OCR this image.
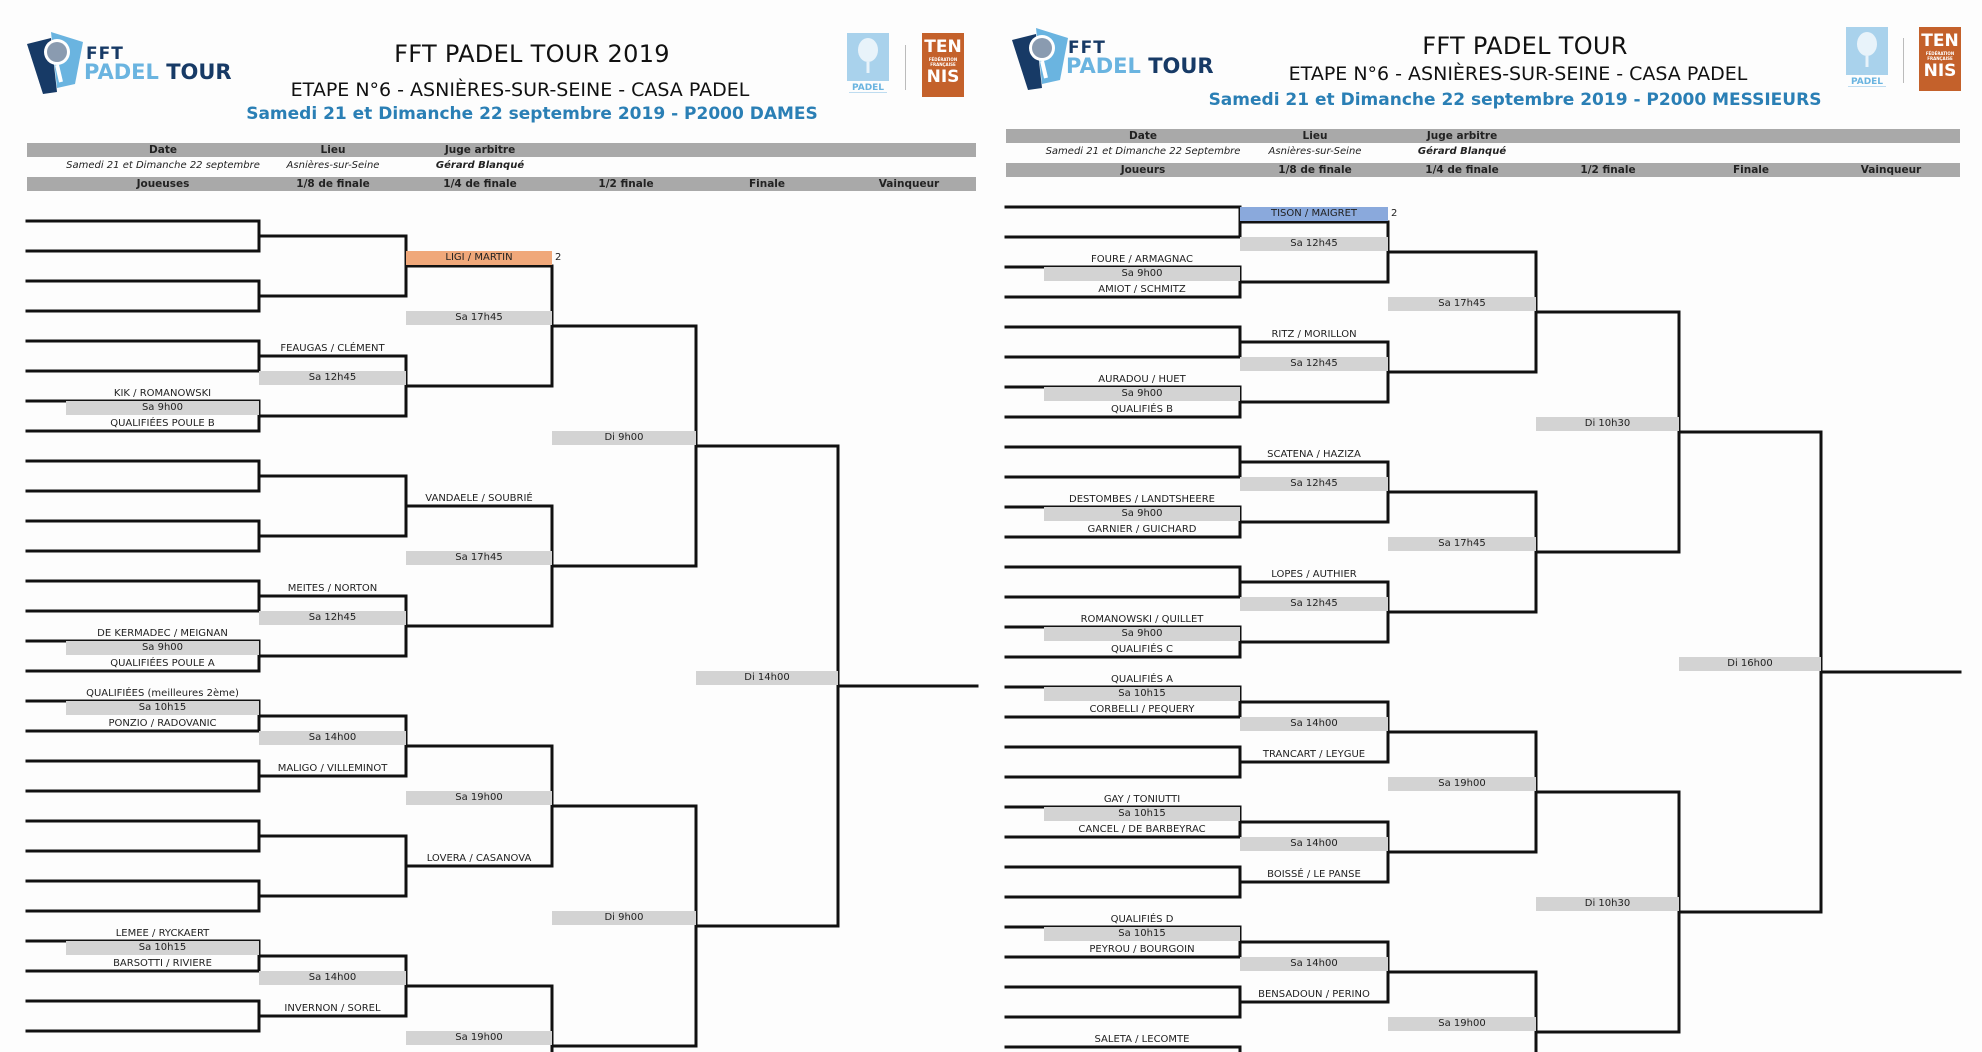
FFT
PADEL TOUR
FFT PADEL TOUR 2019
ETAPE N°6 - ASNIÈRES-SUR-SEINE - CASA PADEL
Samedi 21 et Dimanche 22 septembre 2019 - P2000 DAMES
PADEL
TEN
FÉDÉRATION FRANÇAISE
NIS
Date	Lieu	Juge arbitre
Samedi 21 et Dimanche 22 septembre	Asnières-sur-Seine	Gérard Blanqué
Joueuses	1/8 de finale	1/4 de finale	1/2 finale	Finale	Vainqueur
Sa 9h00
Sa 9h00
Sa 10h15
Sa 10h15
Sa 12h45
Sa 12h45
Sa 14h00
Sa 14h00
Sa 17h45
Sa 17h45
Sa 19h00
Sa 19h00
Di 9h00
Di 9h00
Di 14h00
2
LIGI / MARTIN
VANDAELE / SOUBRIÉ
LOVERA / CASANOVA
FEAUGAS / CLÉMENT
MEITES / NORTON
MALIGO / VILLEMINOT
INVERNON / SOREL
KIK / ROMANOWSKI
QUALIFIÉES POULE B
DE KERMADEC / MEIGNAN
QUALIFIÉES POULE A
QUALIFIÉES (meilleures 2ème)
PONZIO / RADOVANIC
LEMEE / RYCKAERT
BARSOTTI / RIVIERE
FFT
PADEL TOUR
FFT PADEL TOUR
ETAPE N°6 - ASNIÈRES-SUR-SEINE - CASA PADEL
Samedi 21 et Dimanche 22 septembre 2019 - P2000 MESSIEURS
PADEL
TEN
FÉDÉRATION FRANÇAISE
NIS
Date	Lieu	Juge arbitre
Samedi 21 et Dimanche 22 Septembre	Asnières-sur-Seine	Gérard Blanqué
Joueurs	1/8 de finale	1/4 de finale	1/2 finale	Finale	Vainqueur
Sa 9h00
Sa 9h00
Sa 9h00
Sa 9h00
Sa 10h15
Sa 10h15
Sa 10h15
Sa 12h45
Sa 12h45
Sa 12h45
Sa 12h45
Sa 14h00
Sa 14h00
Sa 14h00
Sa 17h45
Sa 17h45
Sa 19h00
Sa 19h00
Di 10h30
Di 10h30
Di 16h00
2
TISON / MAIGRET
RITZ / MORILLON
SCATENA / HAZIZA
LOPES / AUTHIER
TRANCART / LEYGUE
BOISSÉ / LE PANSE
BENSADOUN / PERINO
FOURE / ARMAGNAC
AMIOT / SCHMITZ
AURADOU / HUET
QUALIFIÉS B
DESTOMBES / LANDTSHEERE
GARNIER / GUICHARD
ROMANOWSKI / QUILLET
QUALIFIÉS C
QUALIFIÉS A
CORBELLI / PEQUERY
GAY / TONIUTTI
CANCEL / DE BARBEYRAC
QUALIFIÉS D
PEYROU / BOURGOIN
SALETA / LECOMTE
